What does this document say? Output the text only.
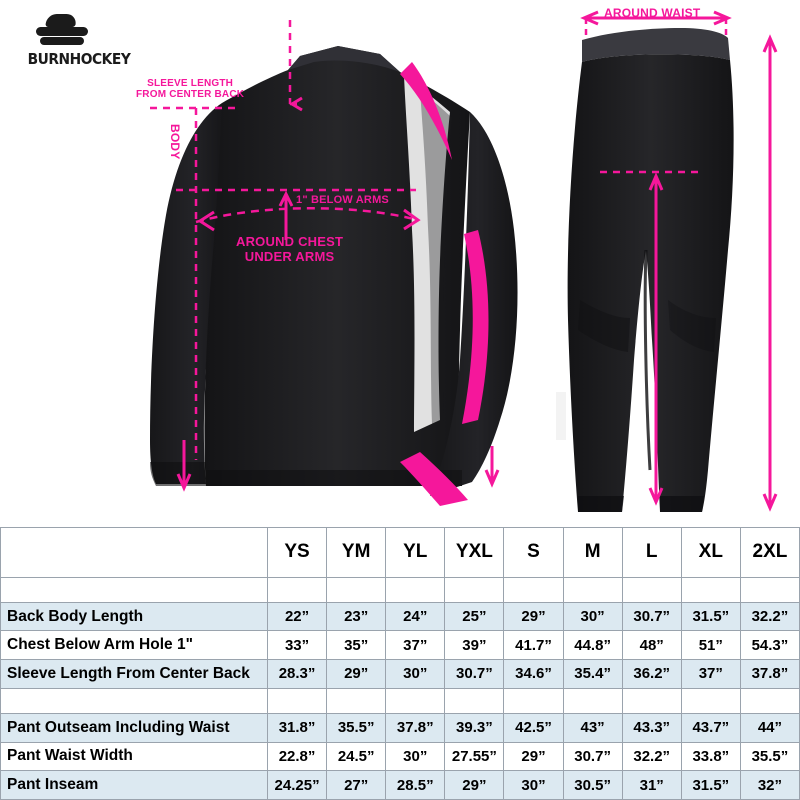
BURNHOCKEY
SLEEVE LENGTH
FROM CENTER BACK
BODY
1" BELOW ARMS
AROUND CHEST
UNDER ARMS
AROUND WAIST
	YS	YM	YL	YXL	S	M	L	XL	2XL

Back Body Length	22”	23”	24”	25”	29”	30”	30.7”	31.5”	32.2”
Chest Below Arm Hole 1"	33”	35”	37”	39”	41.7”	44.8”	48”	51”	54.3”
Sleeve Length From Center Back	28.3”	29”	30”	30.7”	34.6”	35.4”	36.2”	37”	37.8”

Pant Outseam Including Waist	31.8”	35.5”	37.8”	39.3”	42.5”	43”	43.3”	43.7”	44”
Pant Waist Width	22.8”	24.5”	30”	27.55”	29”	30.7”	32.2”	33.8”	35.5”
Pant Inseam	24.25”	27”	28.5”	29”	30”	30.5”	31”	31.5”	32”
